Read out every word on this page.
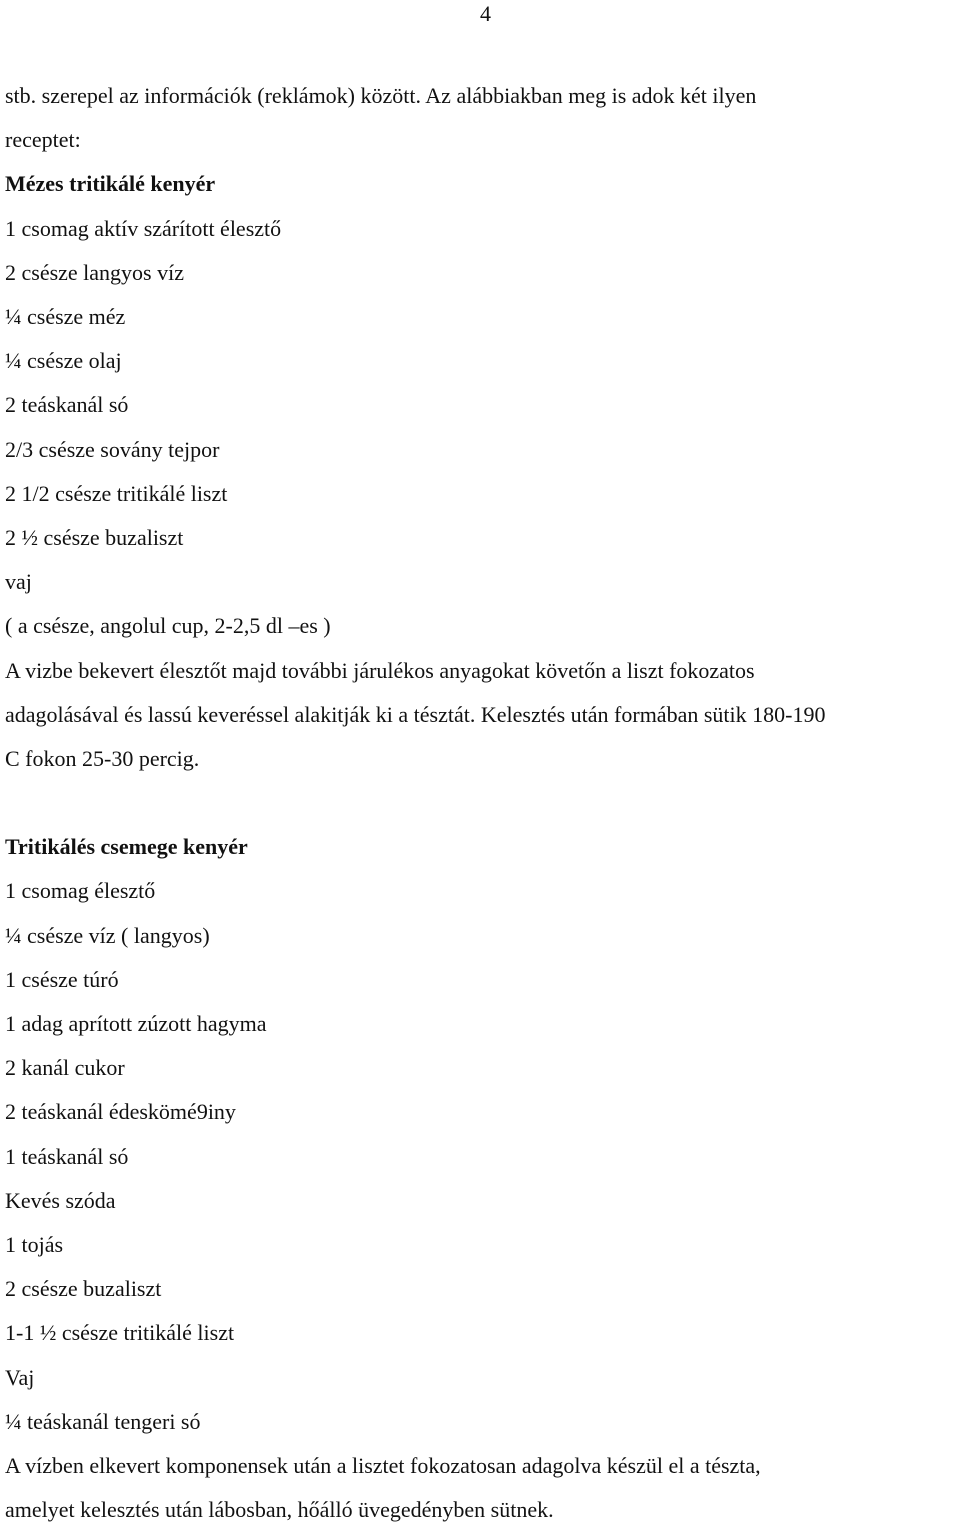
4
stb. szerepel az információk (reklámok) között. Az alábbiakban meg is adok két ilyen
receptet:
Mézes tritikálé kenyér
1 csomag aktív szárított élesztő
2 csésze langyos víz
¼ csésze méz
¼ csésze olaj
2 teáskanál só
2/3 csésze sovány tejpor
2 1/2 csésze tritikálé liszt
2 ½ csésze buzaliszt
vaj
( a csésze, angolul cup, 2-2,5 dl –es )
A vizbe bekevert élesztőt majd további járulékos anyagokat követőn a liszt fokozatos
adagolásával és lassú keveréssel alakitják ki a tésztát. Kelesztés után formában sütik 180-190
C fokon 25-30 percig.
Tritikálés csemege kenyér
1 csomag élesztő
¼ csésze víz ( langyos)
1 csésze túró
1 adag aprított zúzott hagyma
2 kanál cukor
2 teáskanál édeskömé9iny
1 teáskanál só
Kevés szóda
1 tojás
2 csésze buzaliszt
1-1 ½ csésze tritikálé liszt
Vaj
¼ teáskanál tengeri só
A vízben elkevert komponensek után a lisztet fokozatosan adagolva készül el a tészta,
amelyet kelesztés után lábosban, hőálló üvegedényben sütnek.
